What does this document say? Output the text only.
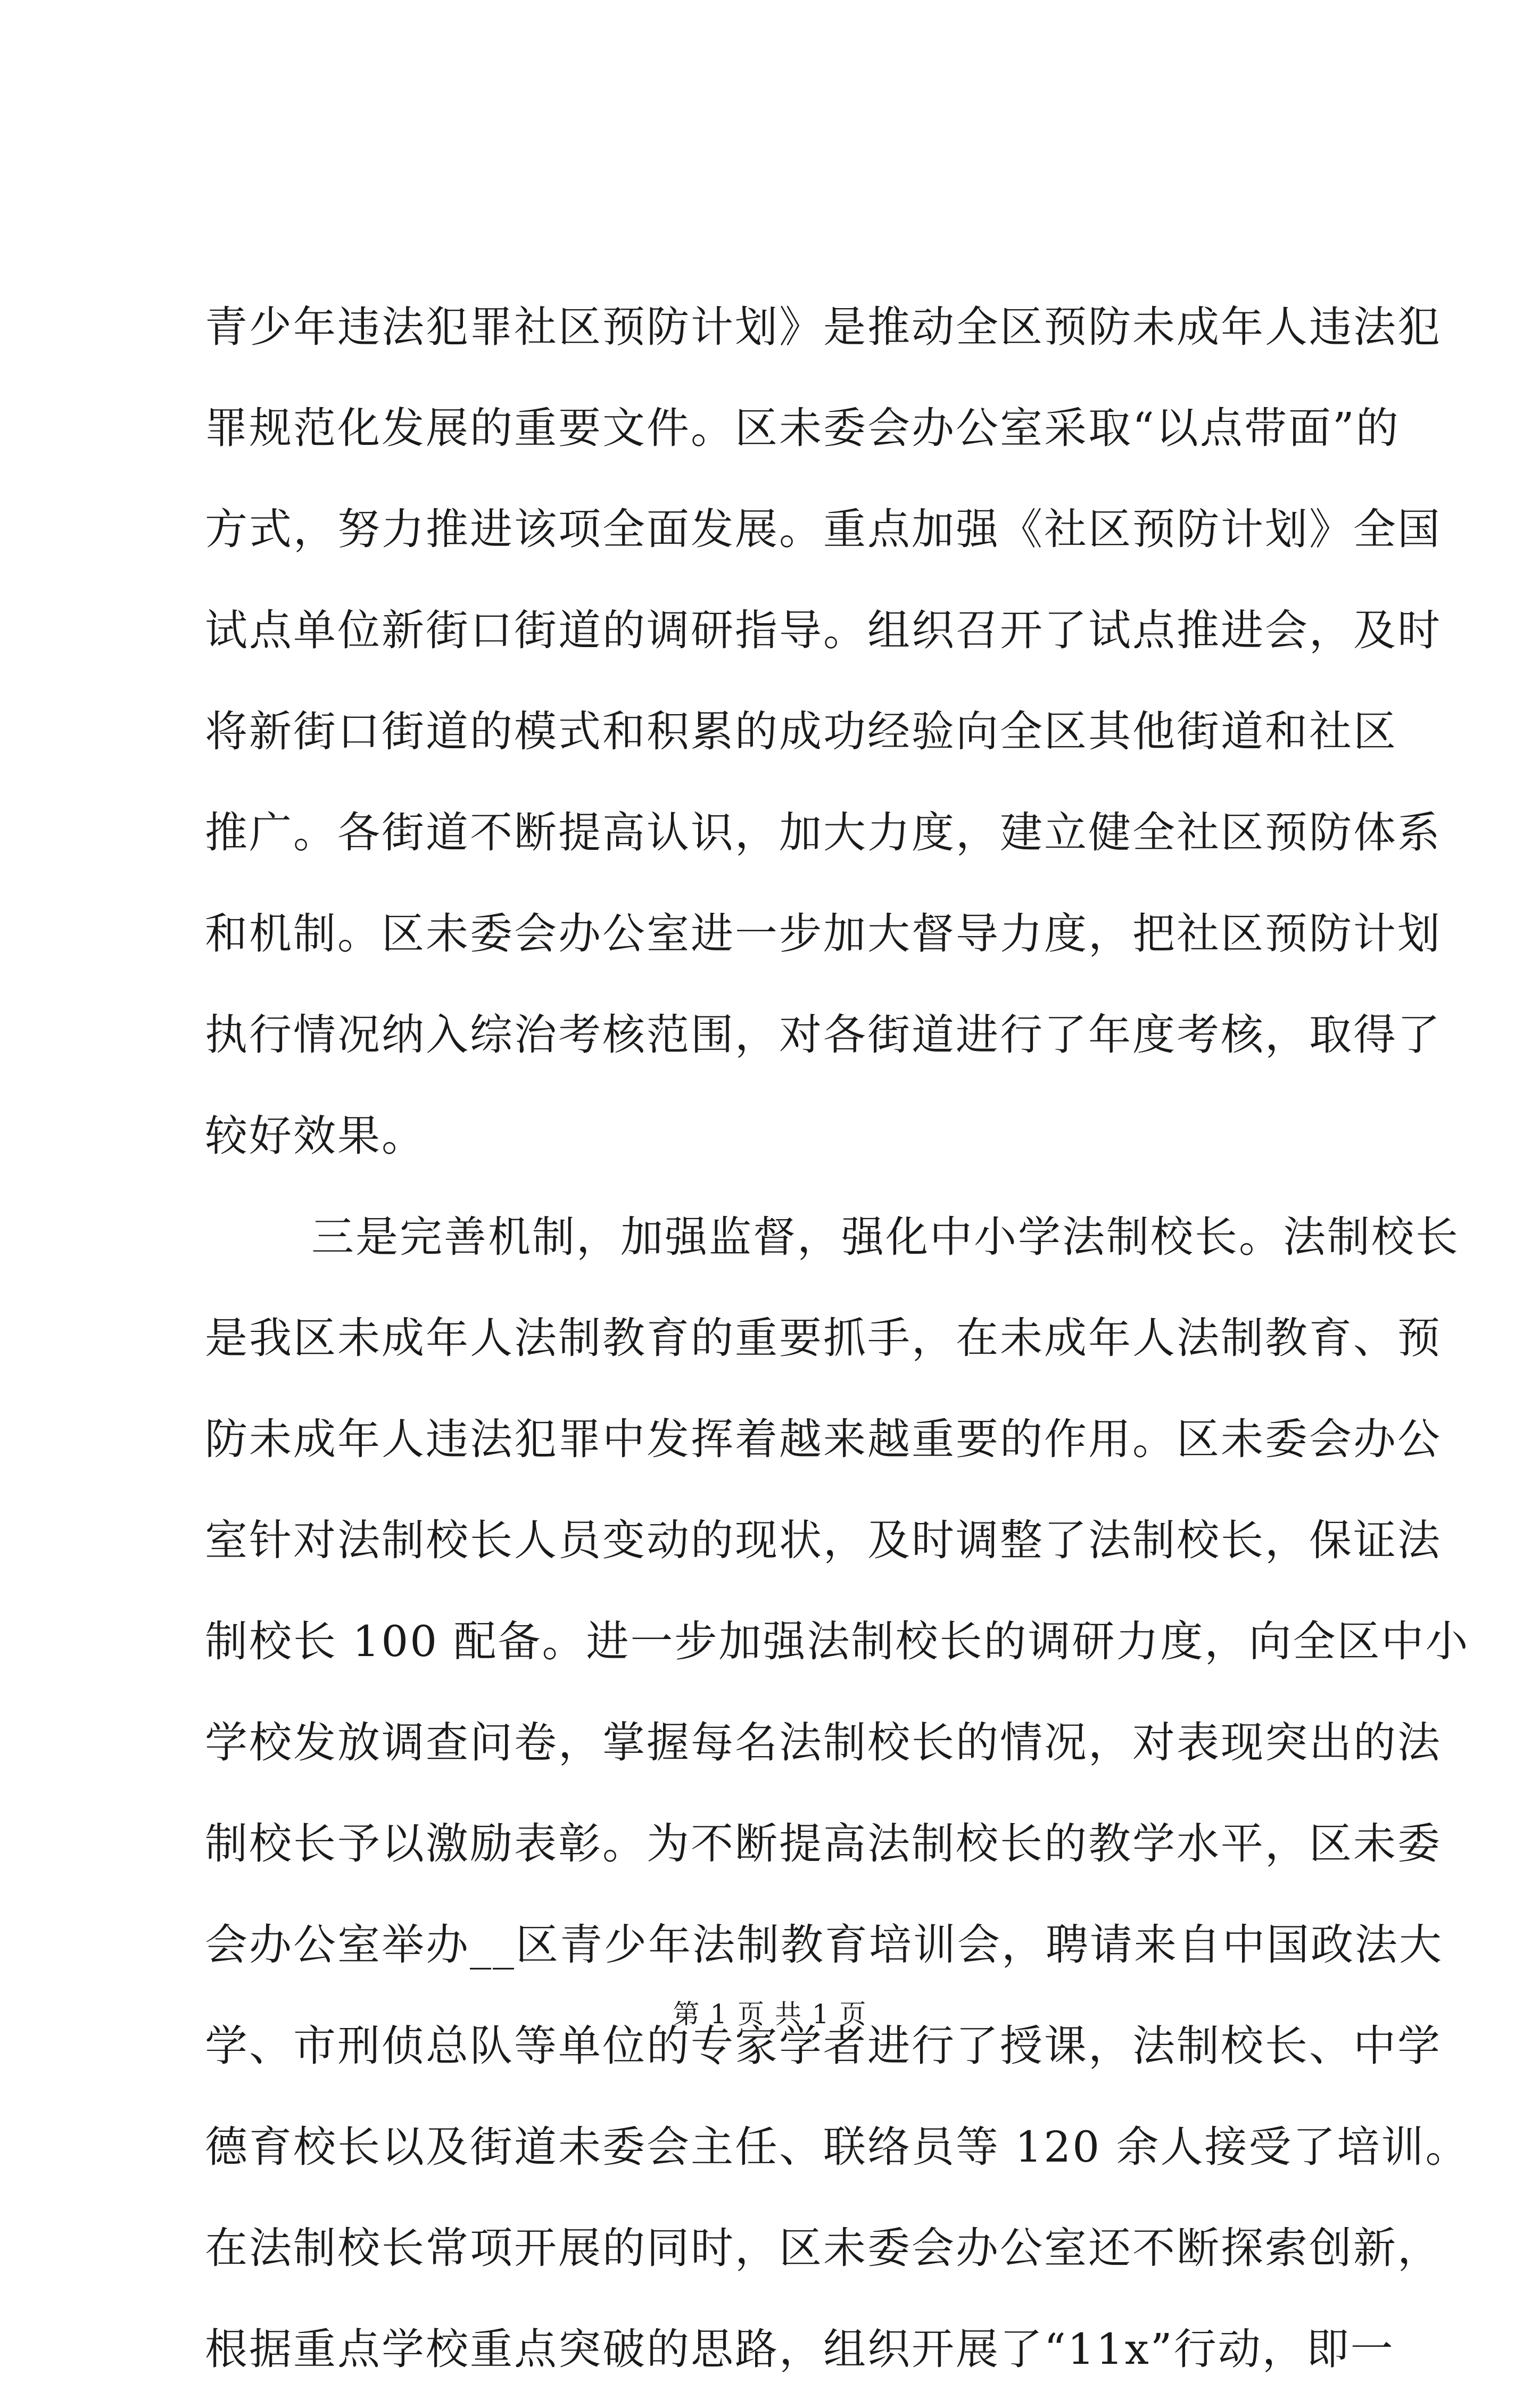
青少年违法犯罪社区预防计划》是推动全区预防未成年人违法犯
罪规范化发展的重要文件。区未委会办公室采取“以点带面”的
方式，努力推进该项全面发展。重点加强《社区预防计划》全国
试点单位新街口街道的调研指导。组织召开了试点推进会，及时
将新街口街道的模式和积累的成功经验向全区其他街道和社区
推广。各街道不断提高认识，加大力度，建立健全社区预防体系
和机制。区未委会办公室进一步加大督导力度，把社区预防计划
执行情况纳入综治考核范围，对各街道进行了年度考核，取得了
较好效果。
三是完善机制，加强监督，强化中小学法制校长。法制校长
是我区未成年人法制教育的重要抓手，在未成年人法制教育、预
防未成年人违法犯罪中发挥着越来越重要的作用。区未委会办公
室针对法制校长人员变动的现状，及时调整了法制校长，保证法
制校长 100 配备。进一步加强法制校长的调研力度，向全区中小
学校发放调查问卷，掌握每名法制校长的情况，对表现突出的法
制校长予以激励表彰。为不断提高法制校长的教学水平，区未委
会办公室举办__区青少年法制教育培训会，聘请来自中国政法大
学、市刑侦总队等单位的专家学者进行了授课，法制校长、中学
德育校长以及街道未委会主任、联络员等 120 余人接受了培训。
在法制校长常项开展的同时，区未委会办公室还不断探索创新，
根据重点学校重点突破的思路，组织开展了“11x”行动，即一
第 1 页 共 1 页
